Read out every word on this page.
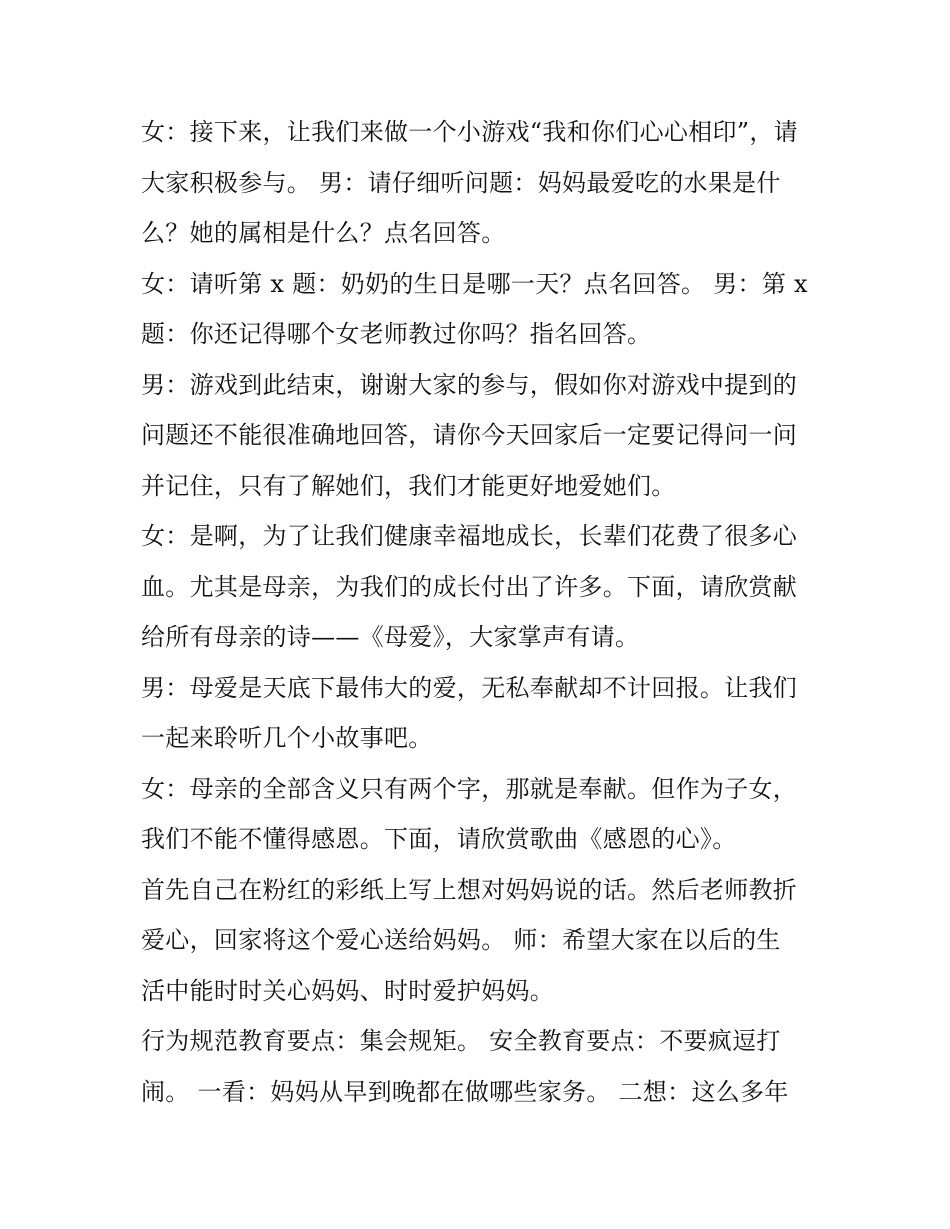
女：接下来，让我们来做一个小游戏“我和你们心心相印”，请
大家积极参与。 男：请仔细听问题：妈妈最爱吃的水果是什
么？她的属相是什么？点名回答。
女：请听第 x 题：奶奶的生日是哪一天？点名回答。 男：第 x
题：你还记得哪个女老师教过你吗？指名回答。
男：游戏到此结束，谢谢大家的参与，假如你对游戏中提到的
问题还不能很准确地回答，请你今天回家后一定要记得问一问
并记住，只有了解她们，我们才能更好地爱她们。
女：是啊，为了让我们健康幸福地成长，长辈们花费了很多心
血。尤其是母亲，为我们的成长付出了许多。下面，请欣赏献
给所有母亲的诗——《母爱》，大家掌声有请。
男：母爱是天底下最伟大的爱，无私奉献却不计回报。让我们
一起来聆听几个小故事吧。
女：母亲的全部含义只有两个字，那就是奉献。但作为子女，
我们不能不懂得感恩。下面，请欣赏歌曲《感恩的心》。
首先自己在粉红的彩纸上写上想对妈妈说的话。然后老师教折
爱心，回家将这个爱心送给妈妈。 师：希望大家在以后的生
活中能时时关心妈妈、时时爱护妈妈。
行为规范教育要点：集会规矩。 安全教育要点：不要疯逗打
闹。 一看：妈妈从早到晚都在做哪些家务。 二想：这么多年
